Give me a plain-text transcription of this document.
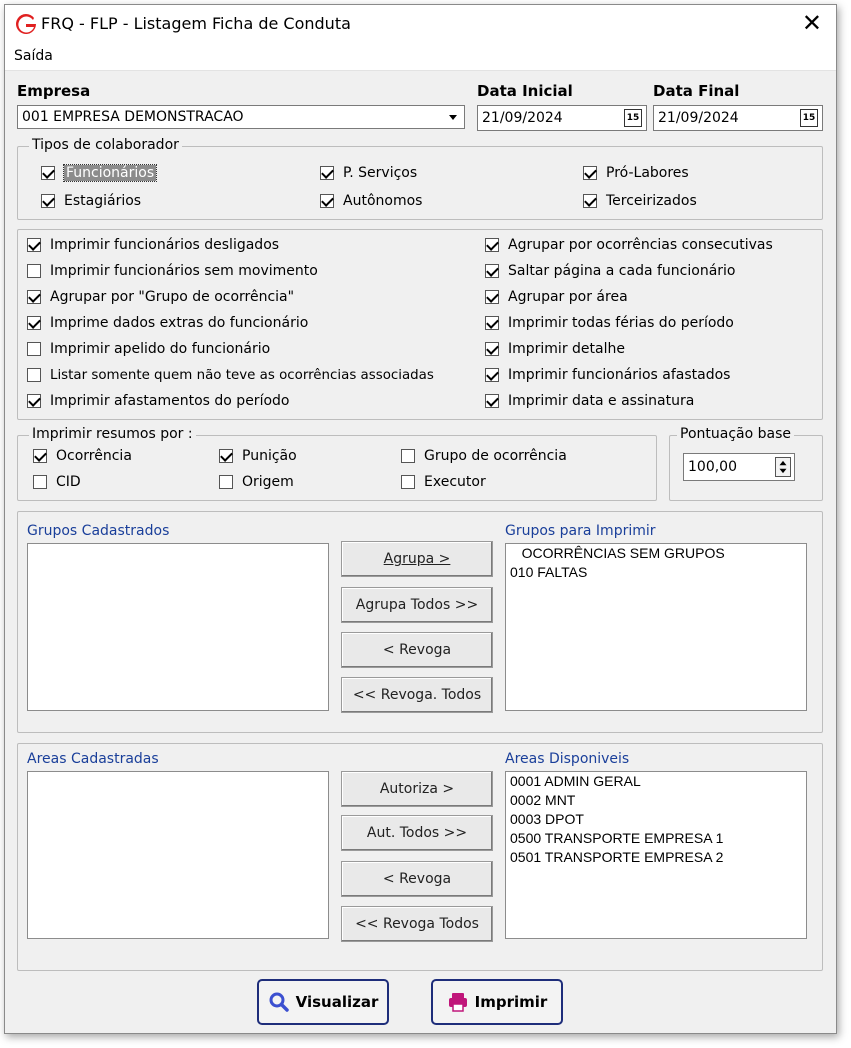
FRQ - FLP - Listagem Ficha de Conduta	✕
Saída
Empresa
001 EMPRESA DEMONSTRACAO
Data Inicial
21/09/2024	15
Data Final
21/09/2024	15
Tipos de colaborador
Funcionários	P. Serviços	Pró-Labores
Estagiários	Autônomos	Terceirizados
Imprimir funcionários desligados
Imprimir funcionários sem movimento
Agrupar por "Grupo de ocorrência"
Imprime dados extras do funcionário
Imprimir apelido do funcionário
Listar somente quem não teve as ocorrências associadas
Imprimir afastamentos do período
Agrupar por ocorrências consecutivas
Saltar página a cada funcionário
Agrupar por área
Imprimir todas férias do período
Imprimir detalhe
Imprimir funcionários afastados
Imprimir data e assinatura
Imprimir resumos por :
Ocorrência	Punição	Grupo de ocorrência
CID	Origem	Executor
Pontuação base
100,00
Grupos Cadastrados
Agrupa >
Agrupa Todos >>
< Revoga
<< Revoga. Todos
Grupos para Imprimir
OCORRÊNCIAS SEM GRUPOS
010 FALTAS
Areas Cadastradas
Autoriza >
Aut. Todos >>
< Revoga
<< Revoga Todos
Areas Disponiveis
0001 ADMIN GERAL
0002 MNT
0003 DPOT
0500 TRANSPORTE EMPRESA 1
0501 TRANSPORTE EMPRESA 2
Visualizar	Imprimir
